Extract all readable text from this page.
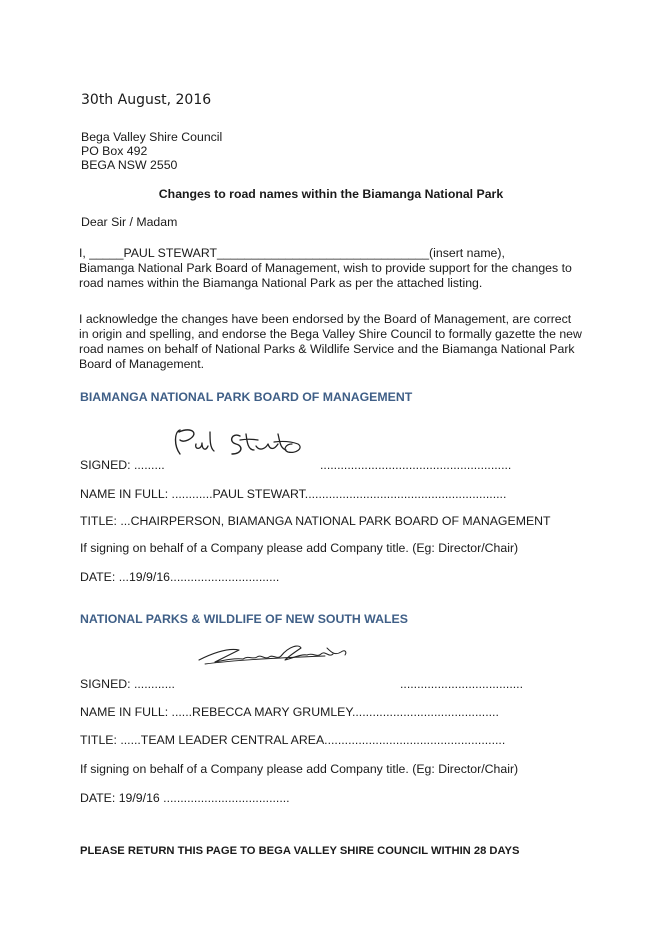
30th August, 2016
Bega Valley Shire Council
PO Box 492
BEGA NSW 2550
Changes to road names within the Biamanga National Park
Dear Sir / Madam
I, _____PAUL STEWART_______________________________(insert name),
Biamanga National Park Board of Management, wish to provide support for the changes to
road names within the Biamanga National Park as per the attached listing.
I acknowledge the changes have been endorsed by the Board of Management, are correct
in origin and spelling, and endorse the Bega Valley Shire Council to formally gazette the new
road names on behalf of National Parks & Wildlife Service and the Biamanga National Park
Board of Management.
BIAMANGA NATIONAL PARK BOARD OF MANAGEMENT
SIGNED: .........	........................................................
NAME IN FULL: ............PAUL STEWART...........................................................
TITLE: ...CHAIRPERSON, BIAMANGA NATIONAL PARK BOARD OF MANAGEMENT
If signing on behalf of a Company please add Company title. (Eg: Director/Chair)
DATE: ...19/9/16................................
NATIONAL PARKS & WILDLIFE OF NEW SOUTH WALES
SIGNED: ............	....................................
NAME IN FULL: ......REBECCA MARY GRUMLEY...........................................
TITLE: ......TEAM LEADER CENTRAL AREA.....................................................
If signing on behalf of a Company please add Company title. (Eg: Director/Chair)
DATE: 19/9/16 .....................................
PLEASE RETURN THIS PAGE TO BEGA VALLEY SHIRE COUNCIL WITHIN 28 DAYS
